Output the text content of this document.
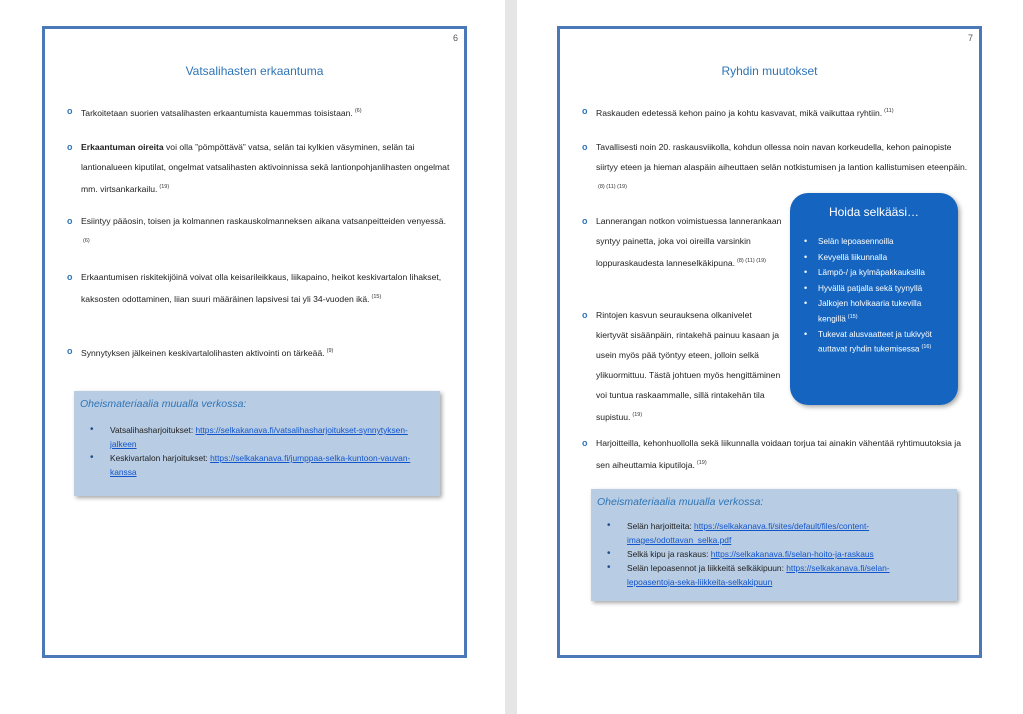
6
Vatsalihasten erkaantuma
o Tarkoitetaan suorien vatsalihasten erkaantumista kauemmas toisistaan. $^{(6)}$
o Erkaantuman oireita voi olla ”pömpöttävä” vatsa, selän tai kylkien väsyminen, selän tai lantionalueen kiputilat, ongelmat vatsalihasten aktivoinnissa sekä lantionpohjanlihasten ongelmat mm. virtsankarkailu. $^{(19)}$
o Esiintyy pääosin, toisen ja kolmannen raskauskolmanneksen aikana vatsanpeitteiden venyessä.$^{(6)}$
o Erkaantumisen riskitekijöinä voivat olla keisarileikkaus, liikapaino, heikot keskivartalon lihakset, kaksosten odottaminen, liian suuri määräinen lapsivesi tai yli 34-vuoden ikä. $^{(15)}$
o Synnytyksen jälkeinen keskivartalolihasten aktivointi on tärkeää. $^{(9)}$
Oheismateriaalia muualla verkossa:
• Vatsalihasharjoitukset: https://selkakanava.fi/vatsalihasharjoitukset-synnytyksen-jalkeen
• Keskivartalon harjoitukset: https://selkakanava.fi/jumppaa-selka-kuntoon-vauvan-kanssa
7
Ryhdin muutokset
o Raskauden edetessä kehon paino ja kohtu kasvavat, mikä vaikuttaa ryhtiin. $^{(11)}$
o Tavallisesti noin 20. raskausviikolla, kohdun ollessa noin navan korkeudella, kehon painopiste siirtyy eteen ja hieman alaspäin aiheuttaen selän notkistumisen ja lantion kallistumisen eteenpäin.$^{(8) (11) (19)}$
o Lannerangan notkon voimistuessa lannerankaan syntyy painetta, joka voi oireilla varsinkin loppuraskaudesta lanneselkäkipuna. $^{(8) (11) (19)}$
o Rintojen kasvun seurauksena olkanivelet kiertyvät sisäänpäin, rintakehä painuu kasaan ja usein myös pää työntyy eteen, jolloin selkä ylikuormittuu. Tästä johtuen myös hengittäminen voi tuntua raskaammalle, sillä rintakehän tila supistuu. $^{(19)}$
o Harjoitteilla, kehonhuollolla sekä liikunnalla voidaan torjua tai ainakin vähentää ryhtimuutoksia ja sen aiheuttamia kiputiloja. $^{(19)}$
Hoida selkääsi…
• Selän lepoasennoilla
• Kevyellä liikunnalla
• Lämpö-/ ja kylmäpakkauksilla
• Hyvällä patjalla sekä tyynyllä
• Jalkojen holvikaaria tukevilla kengillä $^{(15)}$
• Tukevat alusvaatteet ja tukivyöt auttavat ryhdin tukemisessa $^{(16)}$
Oheismateriaalia muualla verkossa:
• Selän harjoitteita: https://selkakanava.fi/sites/default/files/content-images/odottavan_selka.pdf
• Selkä kipu ja raskaus: https://selkakanava.fi/selan-hoito-ja-raskaus
• Selän lepoasennot ja liikkeitä selkäkipuun: https://selkakanava.fi/selan-lepoasentoja-seka-liikkeita-selkakipuun
